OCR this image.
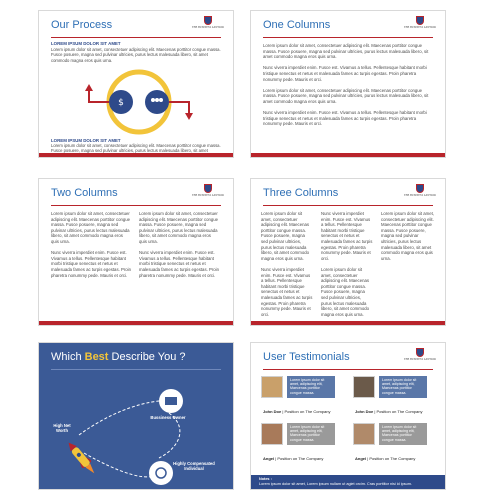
Our Process	THE BUSINESS ADVISOR
LOREM IPSUM DOLOR SIT AMET
Lorem ipsum dolor sit amet, consectetuer adipiscing elit. Maecenas porttitor congue massa. Fusce posuere, magna sed pulvinar ultricies, purus lectus malesuada libero, sit amet commodo magna eros quis urna.
$
LOREM IPSUM DOLOR SIT AMET
Lorem ipsum dolor sit amet, consectetuer adipiscing elit. Maecenas porttitor congue massa. Fusce posuere, magna sed pulvinar ultricies, purus lectus malesuada libero, sit amet
One Columns	THE BUSINESS ADVISOR

Lorem ipsum dolor sit amet, consectetuer adipiscing elit. Maecenas porttitor congue massa. Fusce posuere, magna sed pulvinar ultricies, purus lectus malesuada libero, sit amet commodo magna eros quis urna.

Nunc viverra imperdiet enim. Fusce est. Vivamus a tellus. Pellentesque habitant morbi tristique senectus et netus et malesuada fames ac turpis egestas. Proin pharetra nonummy pede. Mauris et orci.

Lorem ipsum dolor sit amet, consectetuer adipiscing elit. Maecenas porttitor congue massa. Fusce posuere, magna sed pulvinar ultricies, purus lectus malesuada libero, sit amet commodo magna eros quis urna.

Nunc viverra imperdiet enim. Fusce est. Vivamus a tellus. Pellentesque habitant morbi tristique senectus et netus et malesuada fames ac turpis egestas. Proin pharetra nonummy pede. Mauris et orci.

Two Columns	THE BUSINESS ADVISOR

Lorem ipsum dolor sit amet, consectetuer adipiscing elit. Maecenas porttitor congue massa. Fusce posuere, magna sed pulvinar ultricies, purus lectus malesuada libero, sit amet commodo magna eros quis urna.

Nunc viverra imperdiet enim. Fusce est. Vivamus a tellus. Pellentesque habitant morbi tristique senectus et netus et malesuada fames ac turpis egestas. Proin pharetra nonummy pede. Mauris et orci.

Lorem ipsum dolor sit amet, consectetuer adipiscing elit. Maecenas porttitor congue massa. Fusce posuere, magna sed pulvinar ultricies, purus lectus malesuada libero, sit amet commodo magna eros quis urna.

Nunc viverra imperdiet enim. Fusce est. Vivamus a tellus. Pellentesque habitant morbi tristique senectus et netus et malesuada fames ac turpis egestas. Proin pharetra nonummy pede. Mauris et orci.

Three Columns	THE BUSINESS ADVISOR

Lorem ipsum dolor sit amet, consectetuer adipiscing elit. Maecenas porttitor congue massa. Fusce posuere, magna sed pulvinar ultricies, purus lectus malesuada libero, sit amet commodo magna eros quis urna.

Nunc viverra imperdiet enim. Fusce est. Vivamus a tellus. Pellentesque habitant morbi tristique senectus et netus et malesuada fames ac turpis egestas. Proin pharetra nonummy pede. Mauris et orci.

Nunc viverra imperdiet enim. Fusce est. Vivamus a tellus. Pellentesque habitant morbi tristique senectus et netus et malesuada fames ac turpis egestas. Proin pharetra nonummy pede. Mauris et orci.

Lorem ipsum dolor sit amet, consectetuer adipiscing elit. Maecenas porttitor congue massa. Fusce posuere, magna sed pulvinar ultricies, purus lectus malesuada libero, sit amet commodo magna eros quis urna.

Lorem ipsum dolor sit amet, consectetuer adipiscing elit. Maecenas porttitor congue massa. Fusce posuere, magna sed pulvinar ultricies, purus lectus malesuada libero, sit amet commodo magna eros quis urna.

Which Best Describe You ?
High Net Worth
Bussiness Owner
Highly Compensated Individual
User Testimonials	THE BUSINESS ADVISOR
Lorem ipsum dolor sit amet, adipiscing elit, Maecenas porttitor congue massa.
John Doe | Position on The Company
Lorem ipsum dolor sit amet, adipiscing elit, Maecenas porttitor congue massa.
John Doe | Position on The Company
Lorem ipsum dolor sit amet, adipiscing elit, Maecenas porttitor congue massa.
Angel | Position on The Company
Lorem ipsum dolor sit amet, adipiscing elit, Maecenas porttitor congue massa.
Angel | Position on The Company
Notes :
Lorem ipsum dolor sit amet, Lorem ipsum nullam ut agiet orcim. Cras porttitor nisi id ipsum.
